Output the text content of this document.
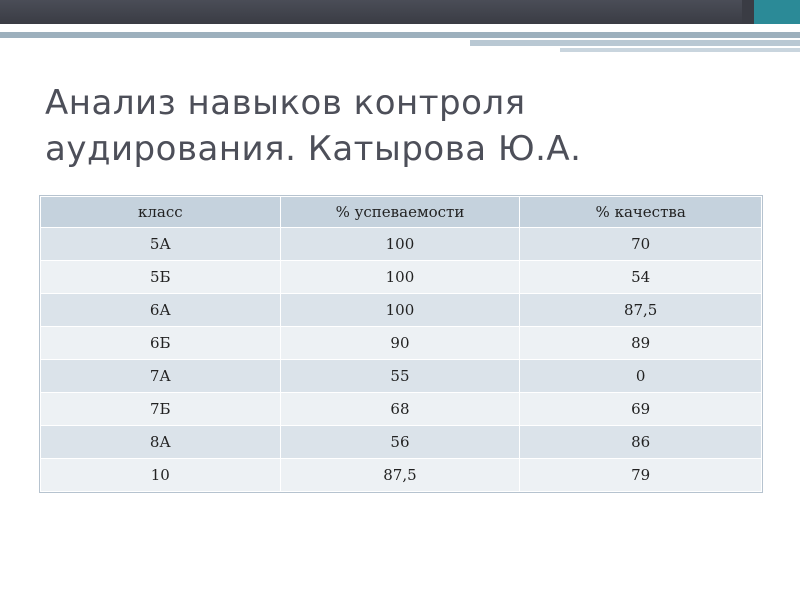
Анализ навыков контроля
аудирования. Катырова Ю.А.
класс	% успеваемости	% качества
5А	100	70
5Б	100	54
6А	100	87,5
6Б	90	89
7А	55	0
7Б	68	69
8А	56	86
10	87,5	79
